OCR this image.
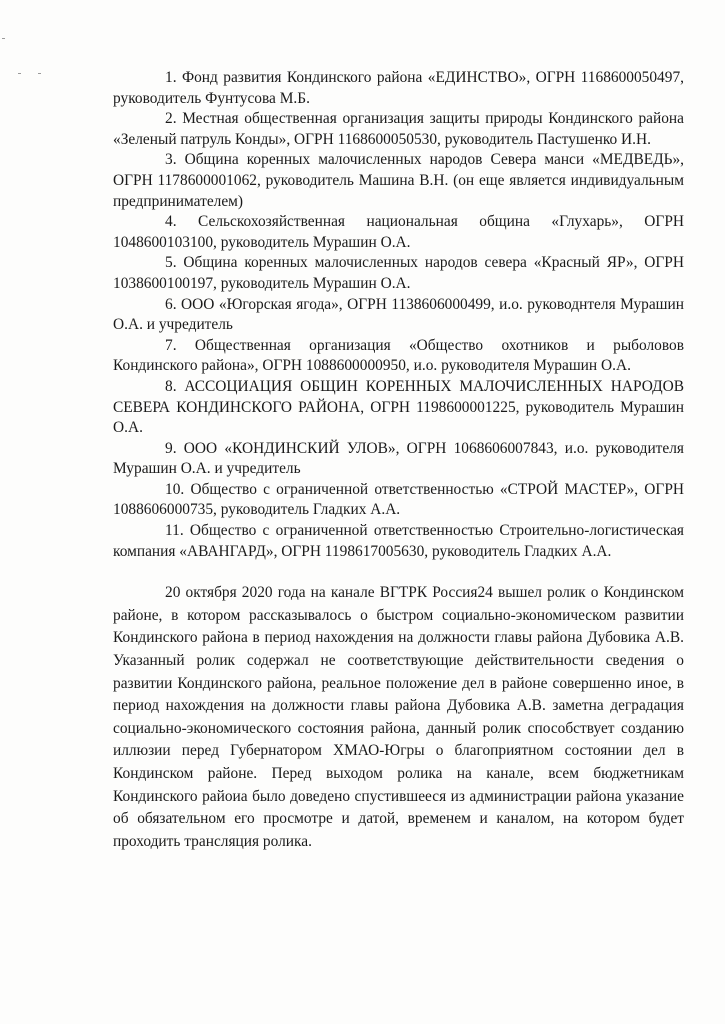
1. Фонд развития Кондинского района «ЕДИНСТВО», ОГРН 1168600050497, руководитель Фунтусова М.Б.

2. Местная общественная организация защиты природы Кондинского района «Зеленый патруль Конды», ОГРН 1168600050530, руководитель Пастушенко И.Н.

3. Община коренных малочисленных народов Севера манси «МЕДВЕДЬ», ОГРН 1178600001062, руководитель Машина В.Н. (он еще является индивидуальным предпринимателем)

4. Сельскохозяйственная национальная община «Глухарь», ОГРН 1048600103100, руководитель Мурашин О.А.

5. Община коренных малочисленных народов севера «Красный ЯР», ОГРН 1038600100197, руководитель Мурашин О.А.

6. ООО «Югорская ягода», ОГРН 1138606000499, и.о. руководнтеля Мурашин О.А. и учредитель

7. Общественная организация «Общество охотников и рыболовов Кондинского района», ОГРН 1088600000950, и.о. руководителя Мурашин О.А.

8. АССОЦИАЦИЯ ОБЩИН КОРЕННЫХ МАЛОЧИСЛЕННЫХ НАРОДОВ СЕВЕРА КОНДИНСКОГО РАЙОНА, ОГРН 1198600001225, руководитель Мурашин О.А.

9. ООО «КОНДИНСКИЙ УЛОВ», ОГРН 1068606007843, и.о. руководителя Мурашин О.А. и учредитель

10. Общество с ограниченной ответственностью «СТРОЙ МАСТЕР», ОГРН 1088606000735, руководитель Гладких А.А.

11. Общество с ограниченной ответственностью Строительно-логистическая компания «АВАНГАРД», ОГРН 1198617005630, руководитель Гладких А.А.

20 октября 2020 года на канале ВГТРК Россия24 вышел ролик о Кондинском районе, в котором рассказывалось о быстром социально-экономическом развитии Кондинского района в период нахождения на должности главы района Дубовика А.В. Указанный ролик содержал не соответствующие действительности сведения о развитии Кондинского района, реальное положение дел в районе совершенно иное, в период нахождения на должности главы района Дубовика А.В. заметна деградация социально-экономического состояния района, данный ролик способствует созданию иллюзии перед Губернатором ХМАО-Югры о благоприятном состоянии дел в Кондинском районе. Перед выходом ролика на канале, всем бюджетникам Кондинского райоиа было доведено спустившееся из администрации района указание об обязательном его просмотре и датой, временем и каналом, на котором будет проходить трансляция ролика.
